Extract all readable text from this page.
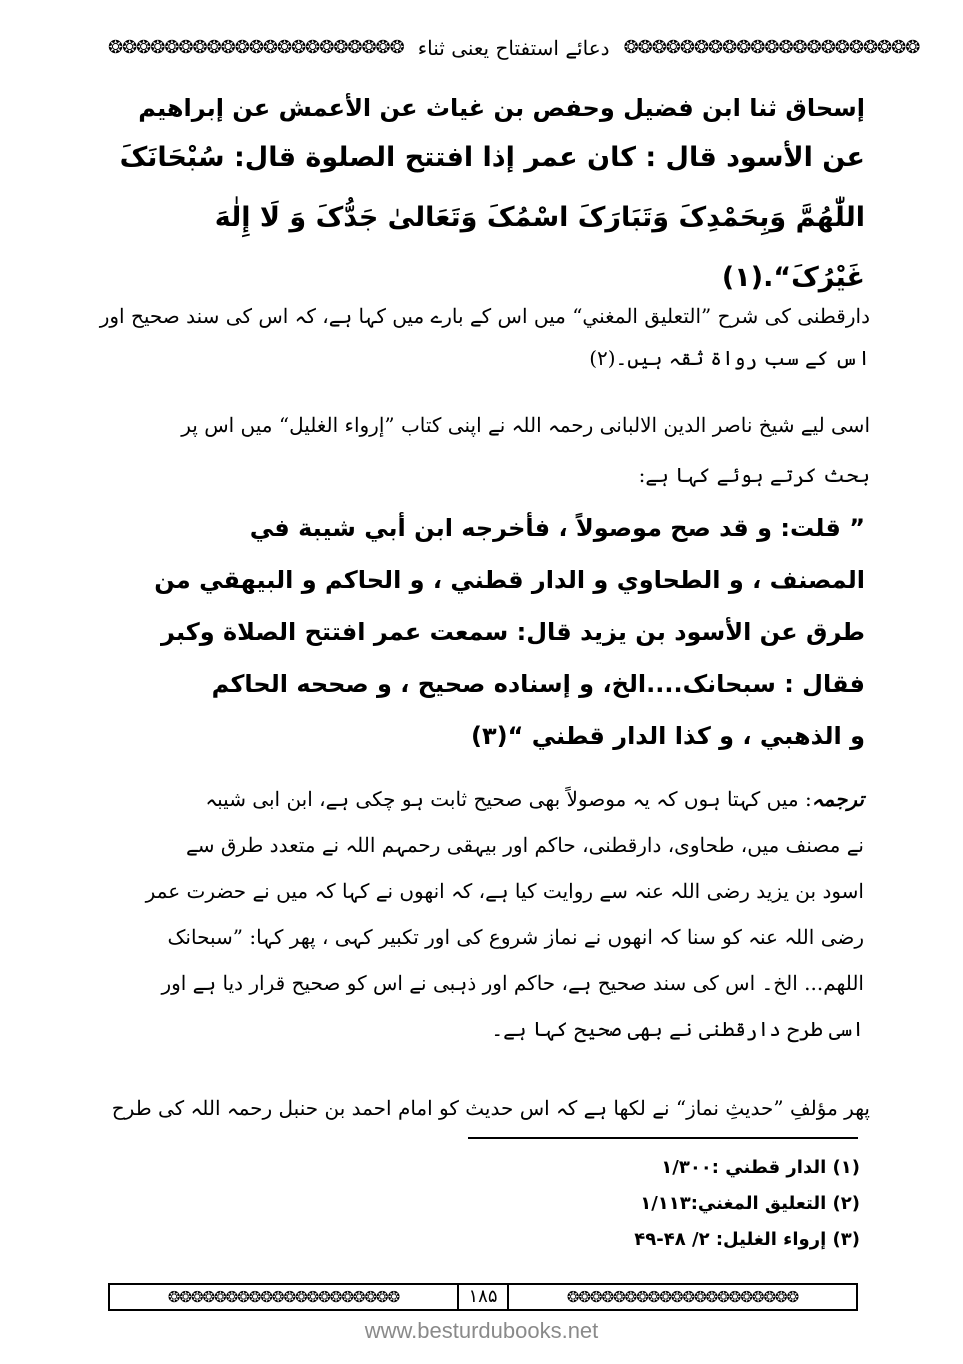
❂❂❂❂❂❂❂❂❂❂❂❂❂❂❂❂❂❂❂❂❂ دعائے استفتاح یعنی ثناء ❂❂❂❂❂❂❂❂❂❂❂❂❂❂❂❂❂❂❂❂❂
إسحاق ثنا ابن فضيل وحفص بن غياث عن الأعمش عن إبراهيم
عن الأسود قال : كان عمر إذا افتتح الصلوة قال: سُبْحَانَکَ
اللّٰهُمَّ وَبِحَمْدِکَ وَتَبَارَکَ اسْمُکَ وَتَعَالیٰ جَدُّکَ وَ لَا إِلٰهَ
غَيْرُکَ“.(۱)
دارقطنی کی شرح ”التعليق المغني“ میں اس کے بارے میں کہا ہے، کہ اس کی سند صحیح اور
اس کے سب رواۃ ثقہ ہیں۔(۲)
اسی لیے شیخ ناصر الدین الالبانی رحمہ اللہ نے اپنی کتاب ”إرواء الغليل“ میں اس پر
بحث کرتے ہوئے کہا ہے:
” قلت: و قد صح موصولاً ، فأخرجه ابن أبي شيبة في
المصنف ، و الطحاوي و الدار قطني ، و الحاكم و البيهقي من
طرق عن الأسود بن يزيد قال: سمعت عمر افتتح الصلاة وكبر
فقال : سبحانک....الخ، و إسناده صحيح ، و صححه الحاكم
و الذهبي ، و كذا الدار قطني “(۳)
ترجمہ: میں کہتا ہوں کہ یہ موصولاً بھی صحیح ثابت ہو چکی ہے، ابن ابی شیبہ
نے مصنف میں، طحاوی، دارقطنی، حاکم اور بیہقی رحمہم اللہ نے متعدد طرق سے
اسود بن یزید رضی اللہ عنہ سے روایت کیا ہے، کہ انھوں نے کہا کہ میں نے حضرت عمر
رضی اللہ عنہ کو سنا کہ انھوں نے نماز شروع کی اور تکبیر کہی ، پھر کہا: ”سبحانک
اللهم... الخ۔ اس کی سند صحیح ہے، حاکم اور ذہبی نے اس کو صحیح قرار دیا ہے اور
اسی طرح دارقطنی نے بھی صحیح کہا ہے۔
پھر مؤلفِ ”حدیثِ نماز“ نے لکھا ہے کہ اس حدیث کو امام احمد بن حنبل رحمہ اللہ کی طرح
(۱) الدار قطني :۱/۳۰۰
(۲) التعليق المغني:۱/۱۱۳
(۳) إرواء الغليل: ۲/ ۴۸-۴۹
❂❂❂❂❂❂❂❂❂❂❂❂❂❂❂❂❂❂❂❂	۱۸۵	❂❂❂❂❂❂❂❂❂❂❂❂❂❂❂❂❂❂❂❂
www.besturdubooks.net
